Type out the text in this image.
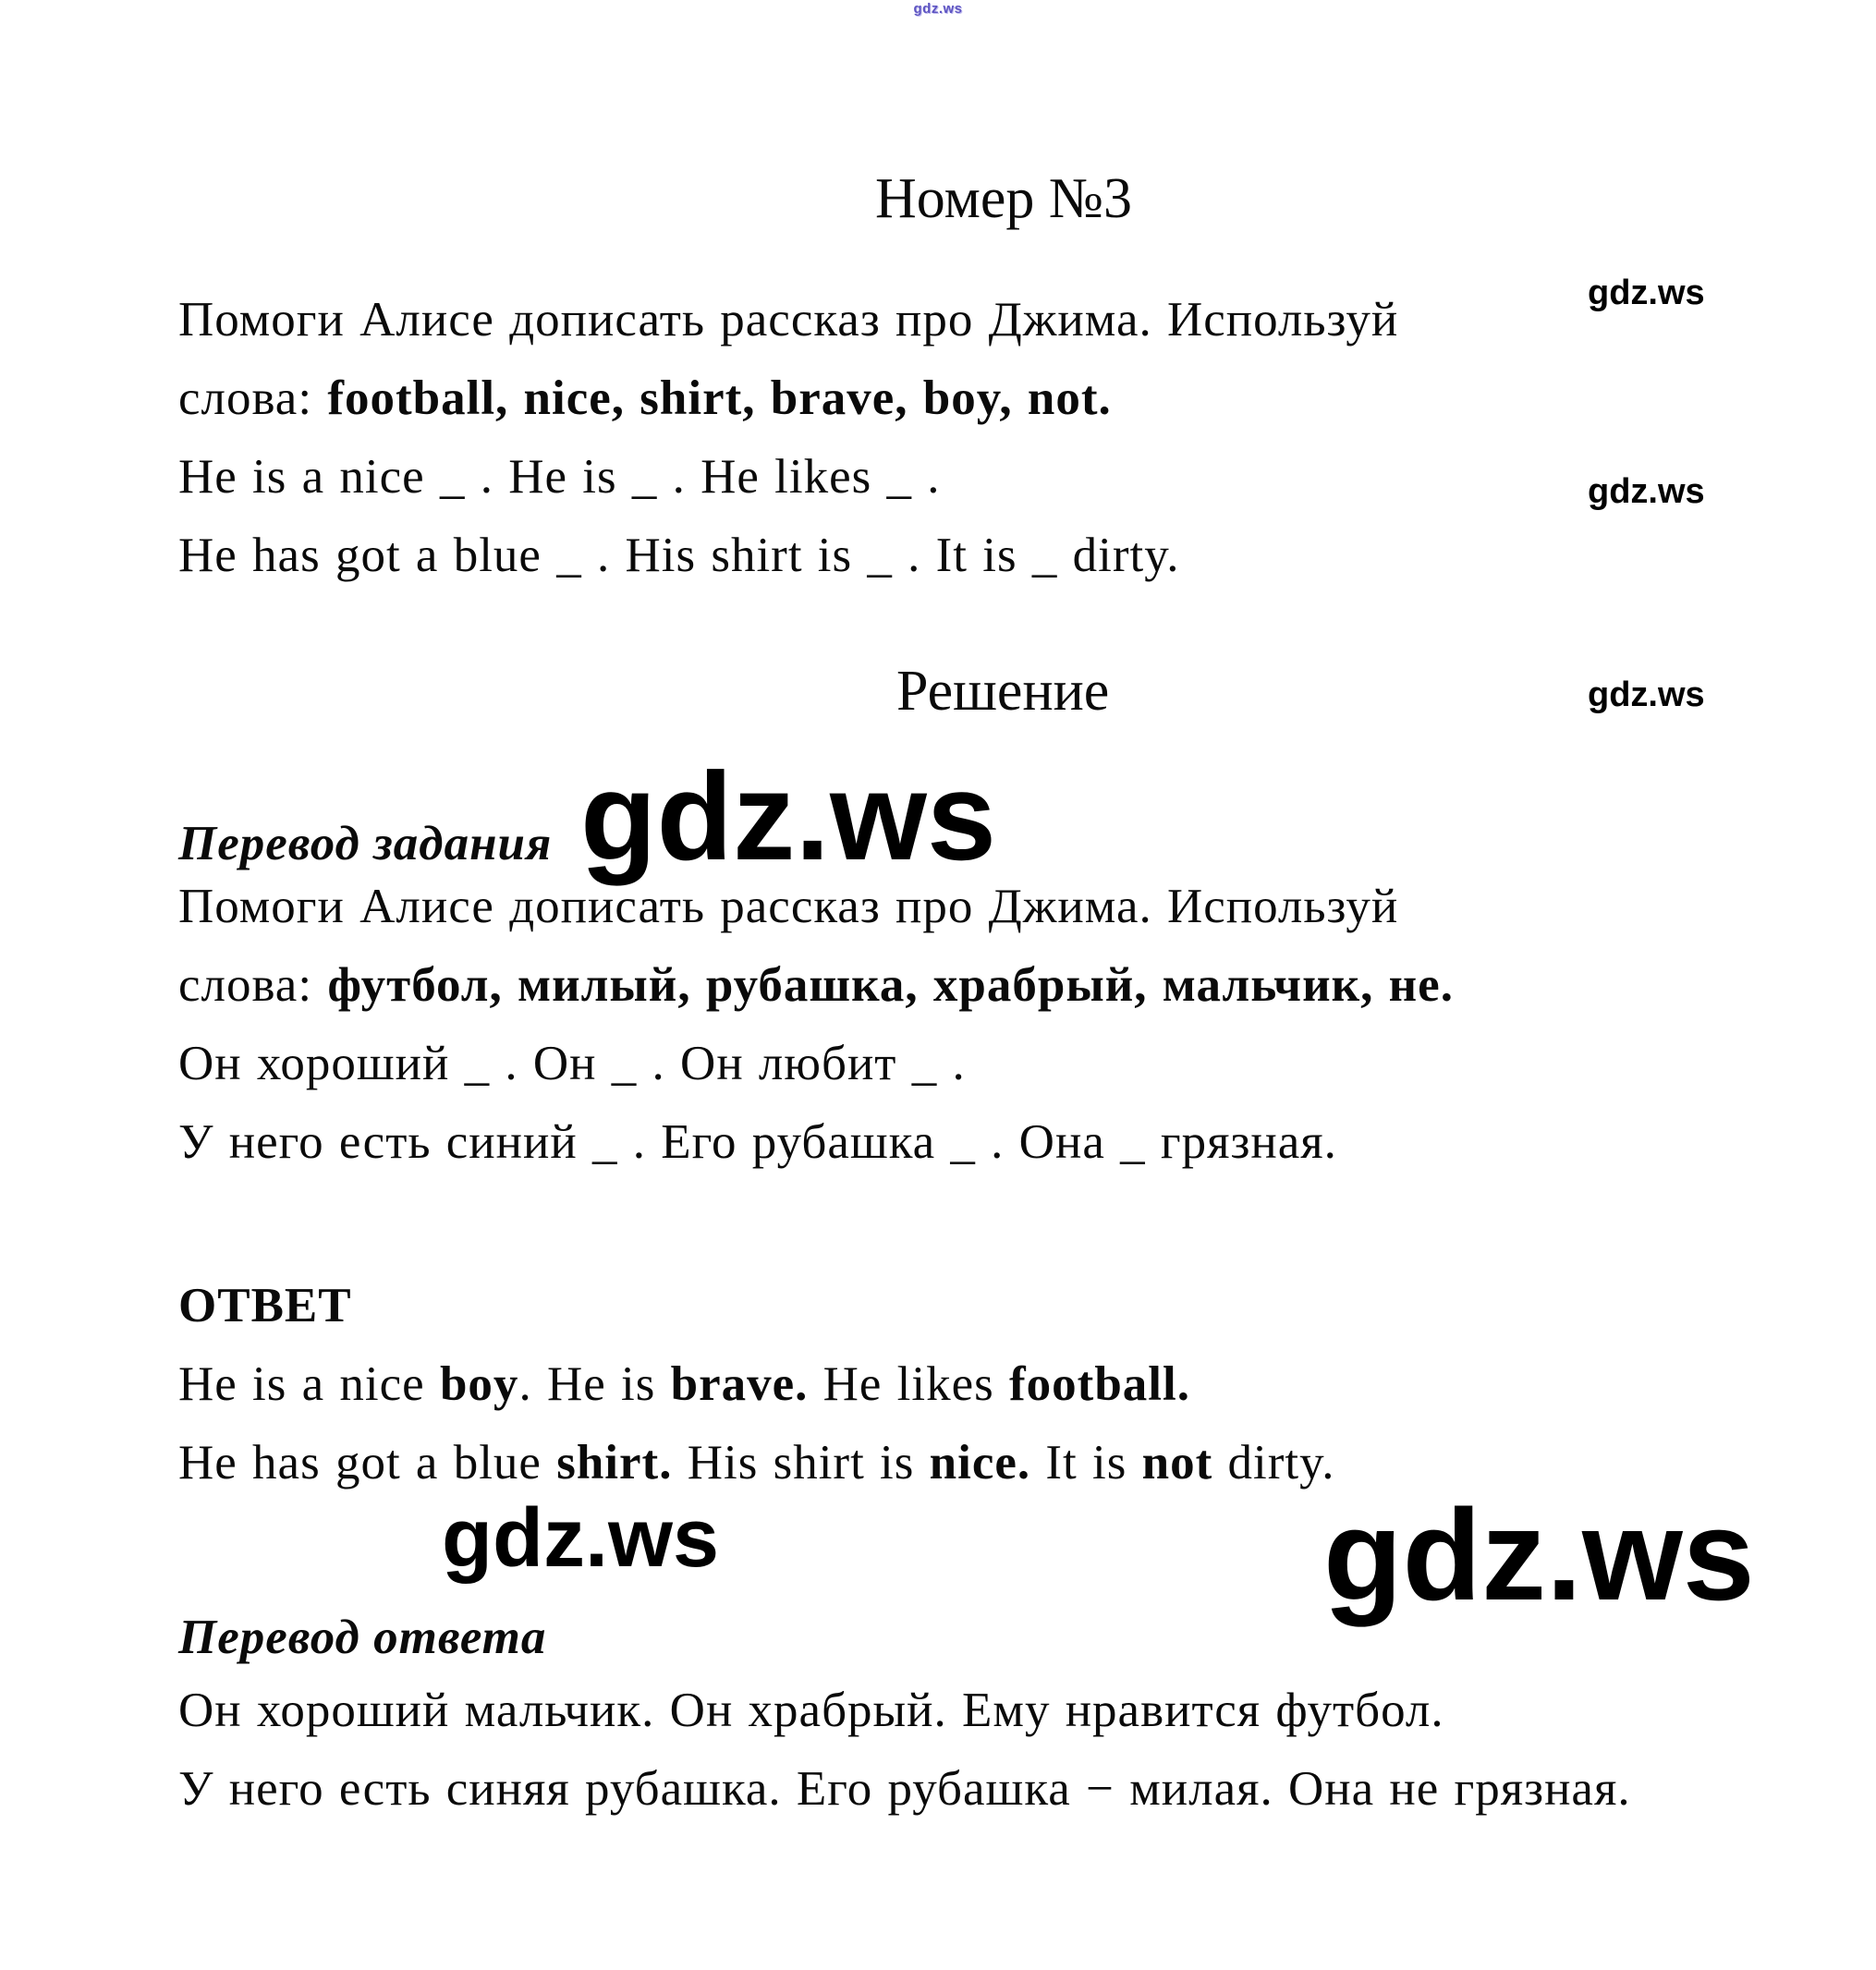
gdz.ws
Номер №3
gdz.ws
gdz.ws
gdz.ws
Помоги Алисе дописать рассказ про Джима. Используй
слова: football, nice, shirt, brave, boy, not.
He is a nice _ . He is _ . He likes _ .
He has got a blue _ . His shirt is _ . It is _ dirty.
Решение
Перевод задания gdz.ws
Помоги Алисе дописать рассказ про Джима. Используй
слова: футбол, милый, рубашка, храбрый, мальчик, не.
Он хороший _ . Он _ . Он любит _ .
У него есть синий _ . Его рубашка _ . Она _ грязная.
ОТВЕТ
He is a nice boy. He is brave. He likes football.
He has got a blue shirt. His shirt is nice. It is not dirty.
gdz.ws	gdz.ws
Перевод ответа
Он хороший мальчик. Он храбрый. Ему нравится футбол.
У него есть синяя рубашка. Его рубашка − милая. Она не грязная.
